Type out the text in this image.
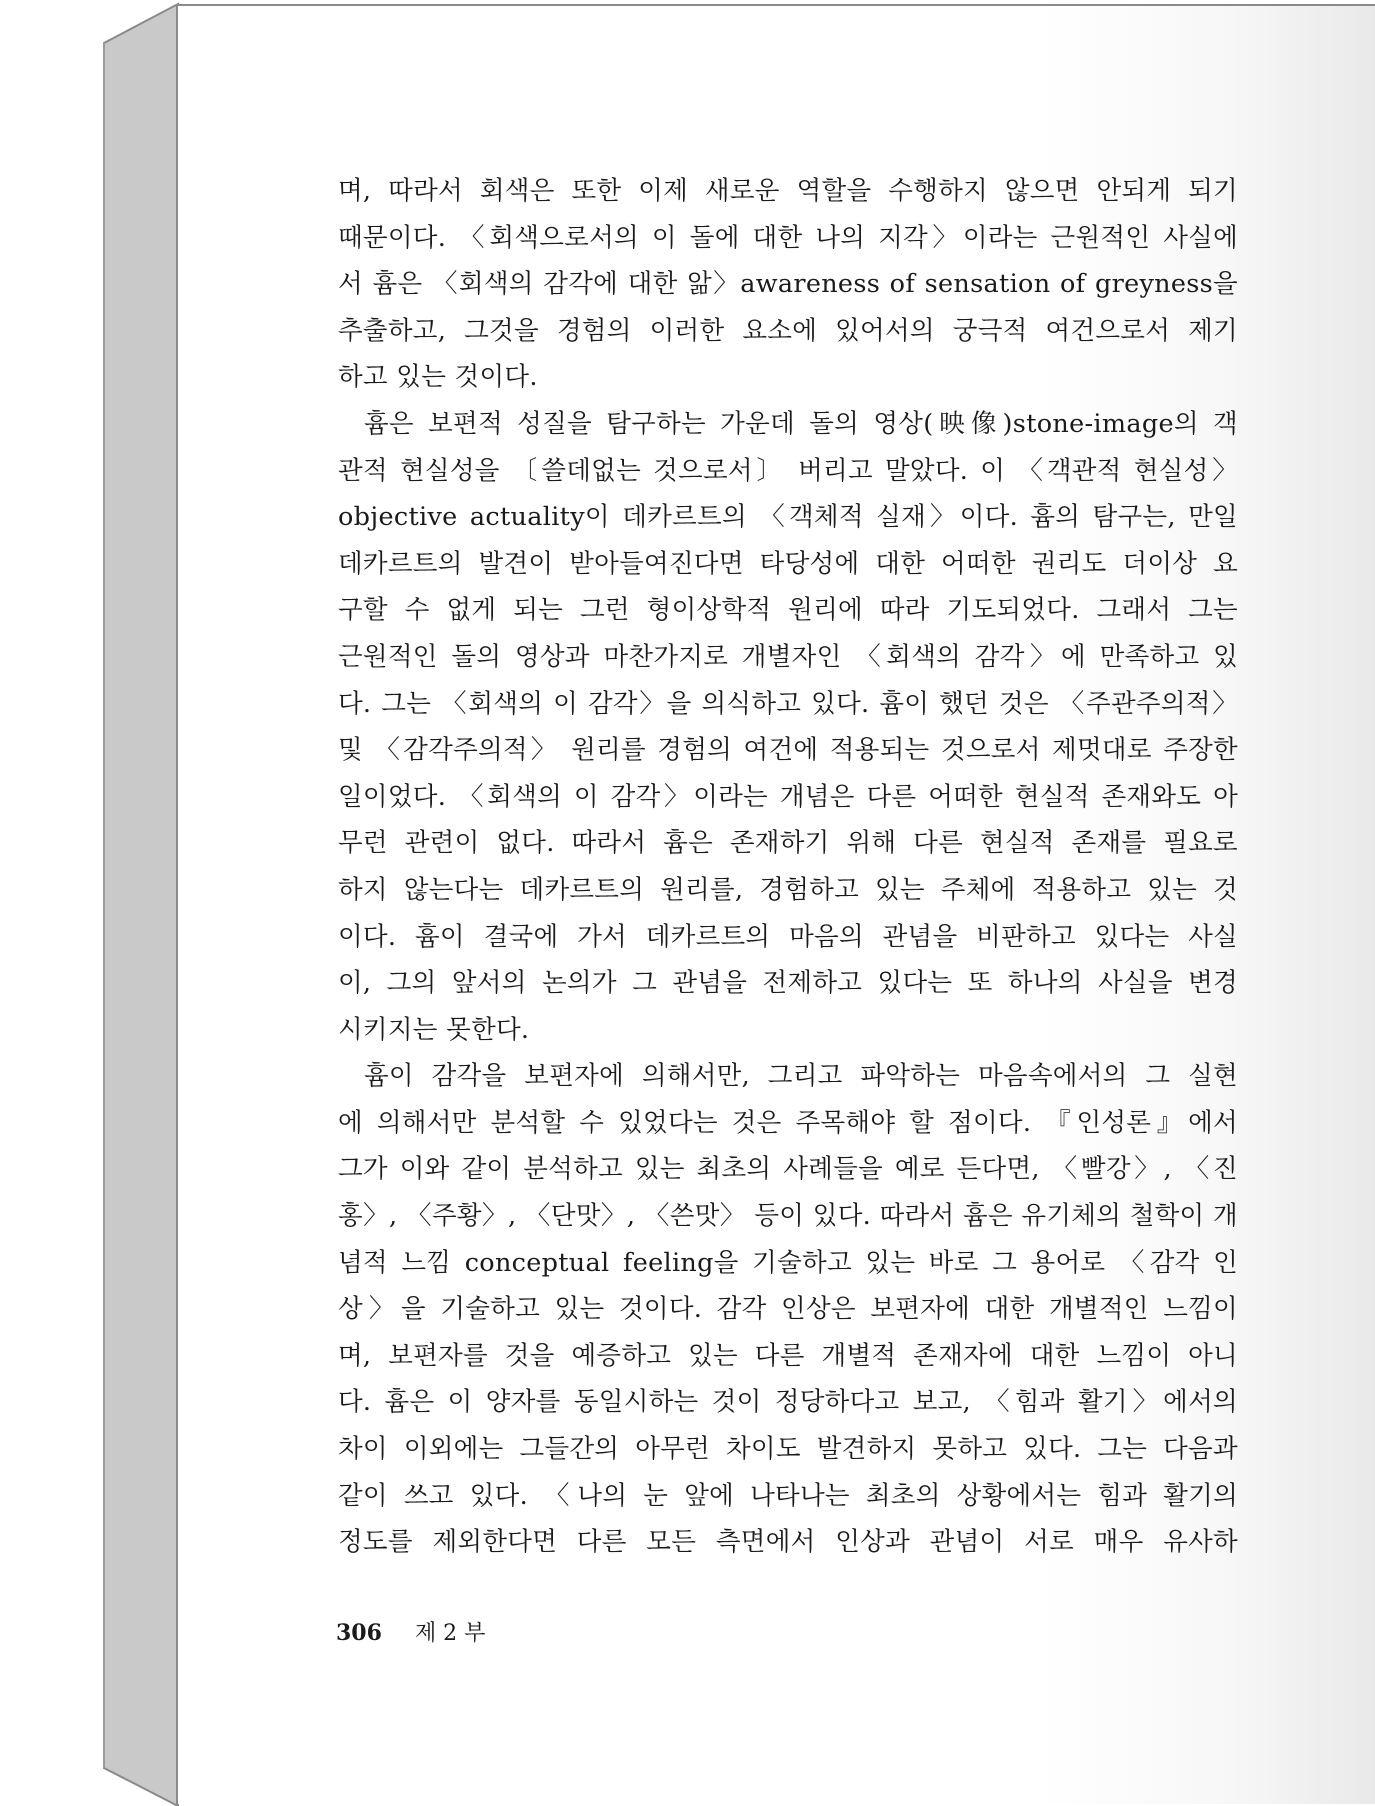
며, 따라서 회색은 또한 이제 새로운 역할을 수행하지 않으면 안되게 되기
때문이다. 〈회색으로서의 이 돌에 대한 나의 지각〉이라는 근원적인 사실에
서 흄은 〈회색의 감각에 대한 앎〉awareness of sensation of greyness을
추출하고, 그것을 경험의 이러한 요소에 있어서의 궁극적 여건으로서 제기
하고 있는 것이다.
흄은 보편적 성질을 탐구하는 가운데 돌의 영상(映像)stone-image의 객
관적 현실성을 〔쓸데없는 것으로서〕 버리고 말았다. 이 〈객관적 현실성〉
objective actuality이 데카르트의 〈객체적 실재〉이다. 흄의 탐구는, 만일
데카르트의 발견이 받아들여진다면 타당성에 대한 어떠한 권리도 더이상 요
구할 수 없게 되는 그런 형이상학적 원리에 따라 기도되었다. 그래서 그는
근원적인 돌의 영상과 마찬가지로 개별자인 〈회색의 감각〉에 만족하고 있
다. 그는 〈회색의 이 감각〉을 의식하고 있다. 흄이 했던 것은 〈주관주의적〉
및 〈감각주의적〉 원리를 경험의 여건에 적용되는 것으로서 제멋대로 주장한
일이었다. 〈회색의 이 감각〉이라는 개념은 다른 어떠한 현실적 존재와도 아
무런 관련이 없다. 따라서 흄은 존재하기 위해 다른 현실적 존재를 필요로
하지 않는다는 데카르트의 원리를, 경험하고 있는 주체에 적용하고 있는 것
이다. 흄이 결국에 가서 데카르트의 마음의 관념을 비판하고 있다는 사실
이, 그의 앞서의 논의가 그 관념을 전제하고 있다는 또 하나의 사실을 변경
시키지는 못한다.
흄이 감각을 보편자에 의해서만, 그리고 파악하는 마음속에서의 그 실현
에 의해서만 분석할 수 있었다는 것은 주목해야 할 점이다. 『인성론』에서
그가 이와 같이 분석하고 있는 최초의 사례들을 예로 든다면, 〈빨강〉, 〈진
홍〉, 〈주황〉, 〈단맛〉, 〈쓴맛〉 등이 있다. 따라서 흄은 유기체의 철학이 개
념적 느낌 conceptual feeling을 기술하고 있는 바로 그 용어로 〈감각 인
상〉을 기술하고 있는 것이다. 감각 인상은 보편자에 대한 개별적인 느낌이
며, 보편자를 것을 예증하고 있는 다른 개별적 존재자에 대한 느낌이 아니
다. 흄은 이 양자를 동일시하는 것이 정당하다고 보고, 〈힘과 활기〉에서의
차이 이외에는 그들간의 아무런 차이도 발견하지 못하고 있다. 그는 다음과
같이 쓰고 있다. 〈나의 눈 앞에 나타나는 최초의 상황에서는 힘과 활기의
정도를 제외한다면 다른 모든 측면에서 인상과 관념이 서로 매우 유사하
306 제 2 부
